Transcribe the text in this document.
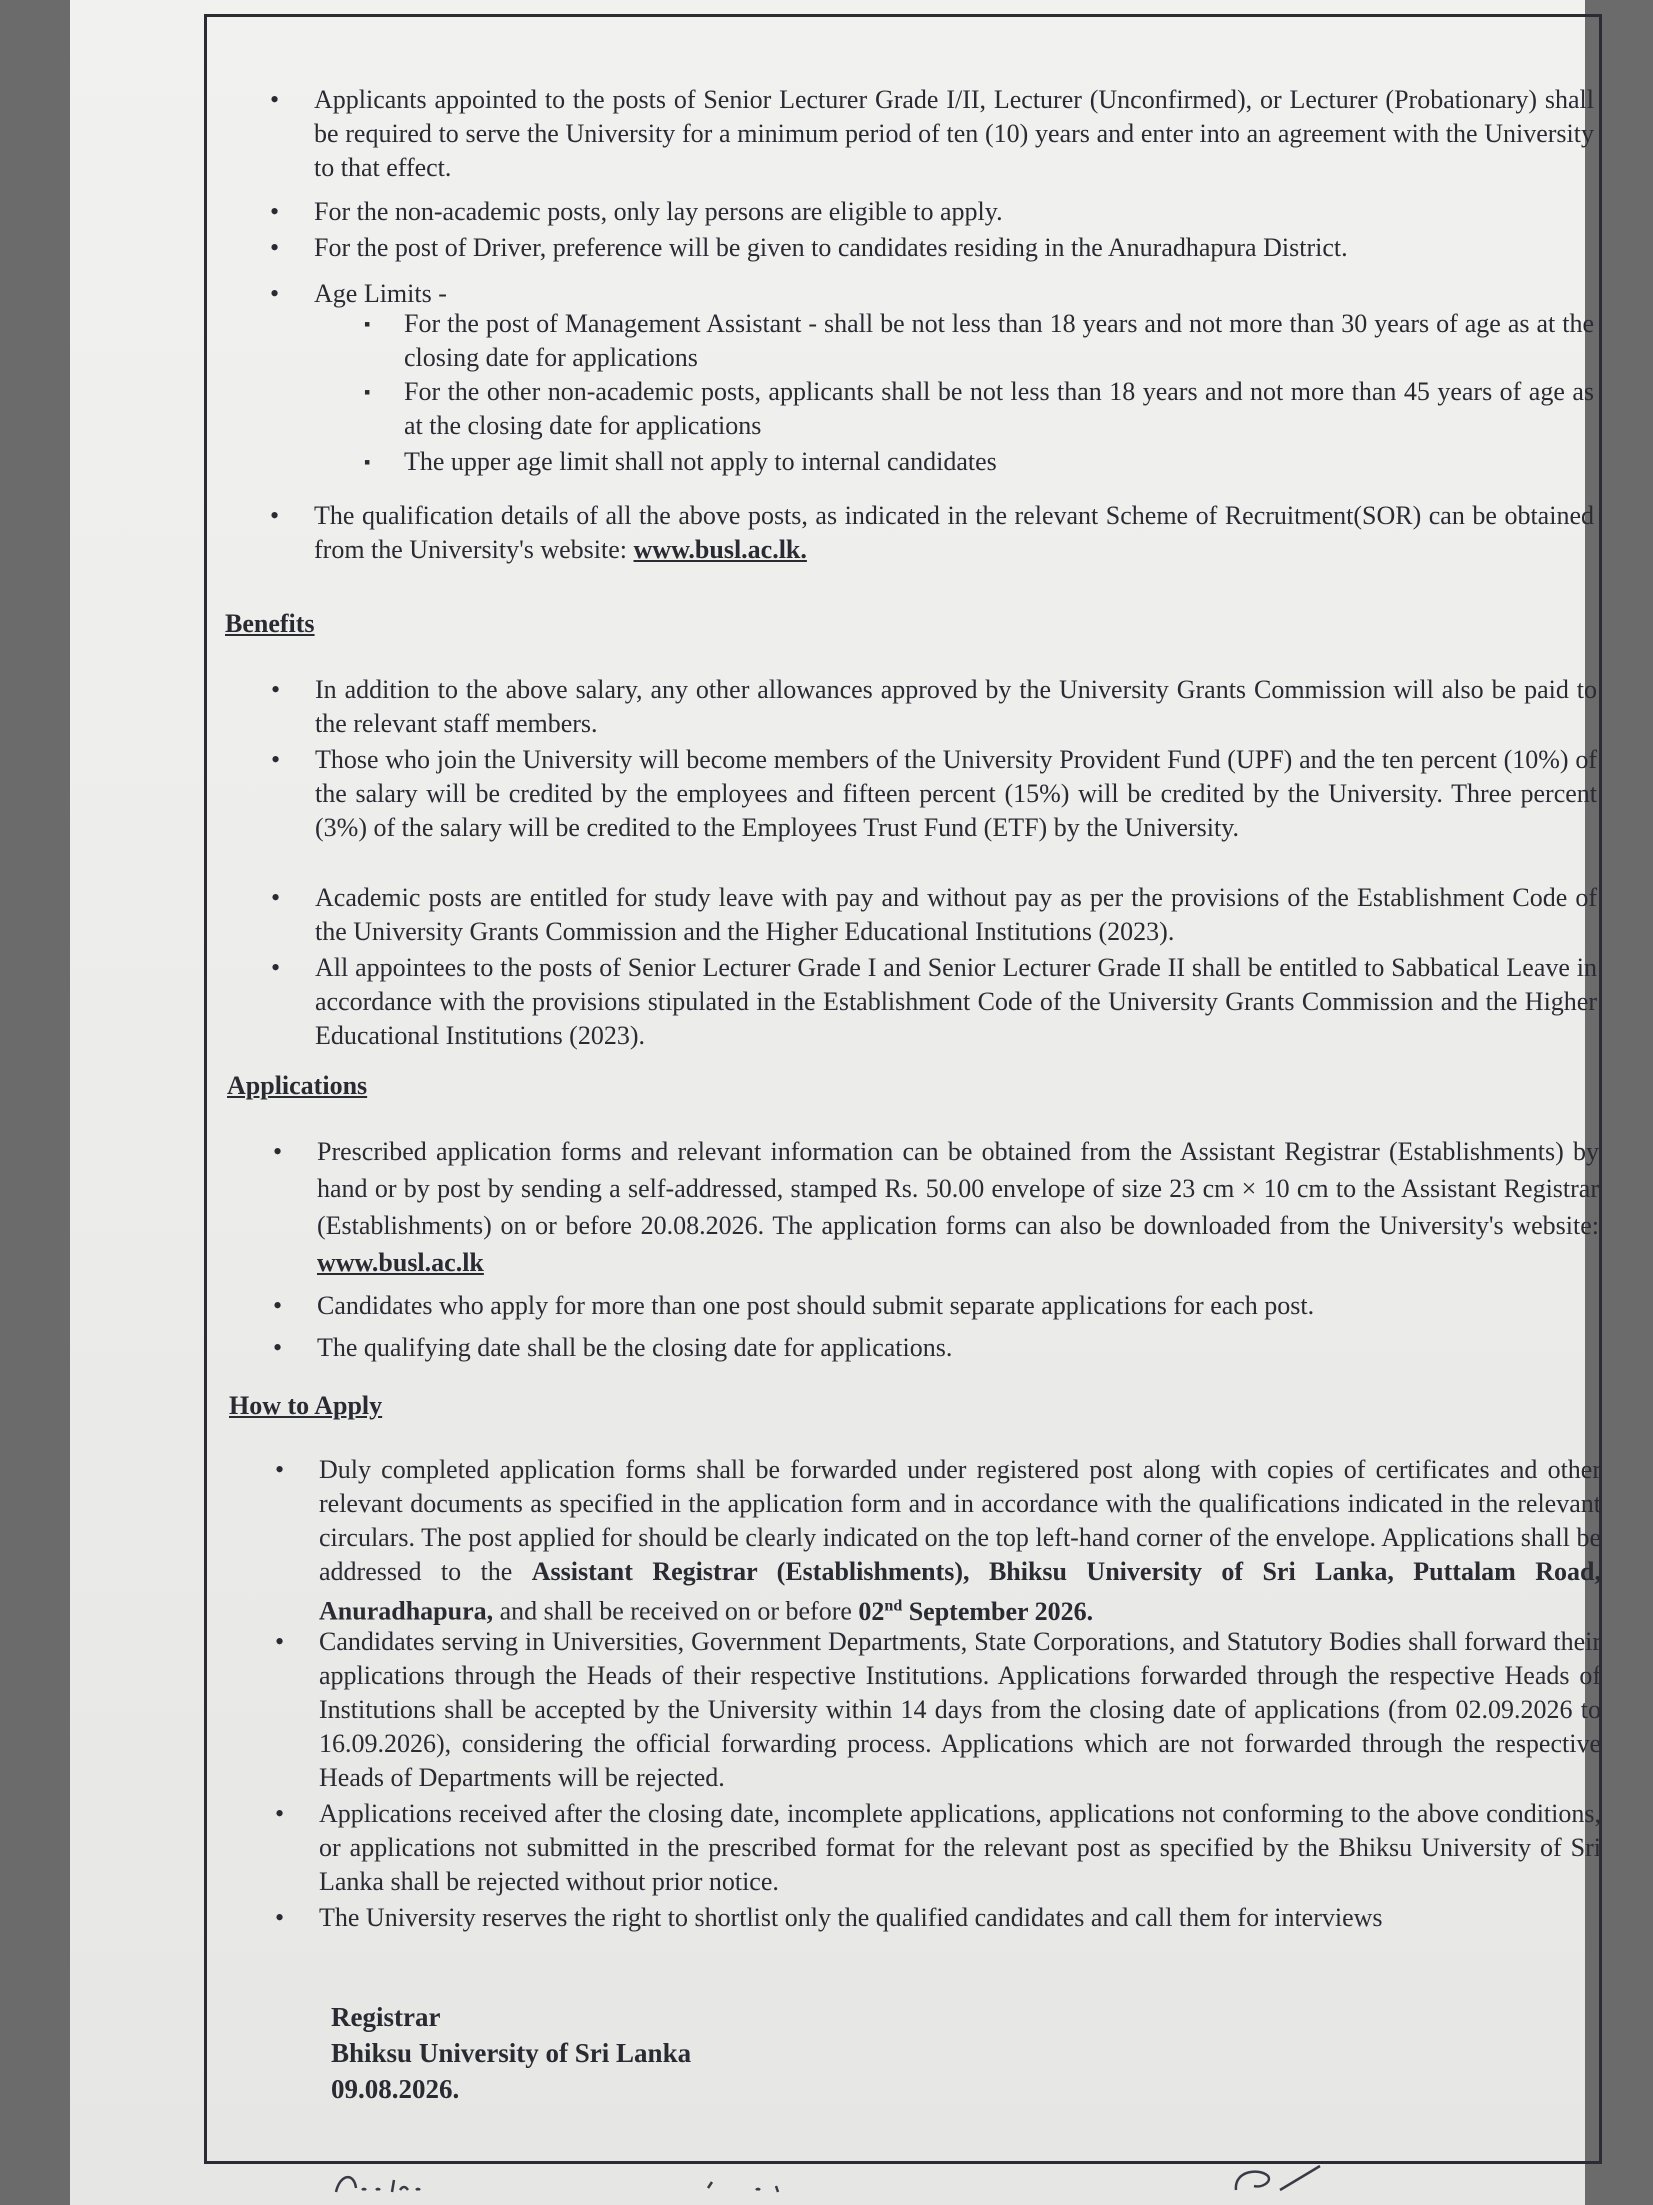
• Applicants appointed to the posts of Senior Lecturer Grade I/II, Lecturer (Unconfirmed), or Lecturer (Probationary) shall be required to serve the University for a minimum period of ten (10) years and enter into an agreement with the University to that effect.
• For the non-academic posts, only lay persons are eligible to apply.
• For the post of Driver, preference will be given to candidates residing in the Anuradhapura District.
• Age Limits -
▪ For the post of Management Assistant - shall be not less than 18 years and not more than 30 years of age as at the closing date for applications
▪ For the other non-academic posts, applicants shall be not less than 18 years and not more than 45 years of age as at the closing date for applications
▪ The upper age limit shall not apply to internal candidates
• The qualification details of all the above posts, as indicated in the relevant Scheme of Recruitment(SOR) can be obtained from the University's website: www.busl.ac.lk.
Benefits
• In addition to the above salary, any other allowances approved by the University Grants Commission will also be paid to the relevant staff members.
• Those who join the University will become members of the University Provident Fund (UPF) and the ten percent (10%) of the salary will be credited by the employees and fifteen percent (15%) will be credited by the University. Three percent (3%) of the salary will be credited to the Employees Trust Fund (ETF) by the University.
• Academic posts are entitled for study leave with pay and without pay as per the provisions of the Establishment Code of the University Grants Commission and the Higher Educational Institutions (2023).
• All appointees to the posts of Senior Lecturer Grade I and Senior Lecturer Grade II shall be entitled to Sabbatical Leave in accordance with the provisions stipulated in the Establishment Code of the University Grants Commission and the Higher Educational Institutions (2023).
Applications
• Prescribed application forms and relevant information can be obtained from the Assistant Registrar (Establishments) by hand or by post by sending a self-addressed, stamped Rs. 50.00 envelope of size 23 cm × 10 cm to the Assistant Registrar (Establishments) on or before 20.08.2026. The application forms can also be downloaded from the University's website: www.busl.ac.lk
• Candidates who apply for more than one post should submit separate applications for each post.
• The qualifying date shall be the closing date for applications.
How to Apply
• Duly completed application forms shall be forwarded under registered post along with copies of certificates and other relevant documents as specified in the application form and in accordance with the qualifications indicated in the relevant circulars. The post applied for should be clearly indicated on the top left-hand corner of the envelope. Applications shall be addressed to the Assistant Registrar (Establishments), Bhiksu University of Sri Lanka, Puttalam Road, Anuradhapura, and shall be received on or before 02nd September 2026.
• Candidates serving in Universities, Government Departments, State Corporations, and Statutory Bodies shall forward their applications through the Heads of their respective Institutions. Applications forwarded through the respective Heads of Institutions shall be accepted by the University within 14 days from the closing date of applications (from 02.09.2026 to 16.09.2026), considering the official forwarding process. Applications which are not forwarded through the respective Heads of Departments will be rejected.
• Applications received after the closing date, incomplete applications, applications not conforming to the above conditions, or applications not submitted in the prescribed format for the relevant post as specified by the Bhiksu University of Sri Lanka shall be rejected without prior notice.
• The University reserves the right to shortlist only the qualified candidates and call them for interviews
Registrar
Bhiksu University of Sri Lanka
09.08.2026.
